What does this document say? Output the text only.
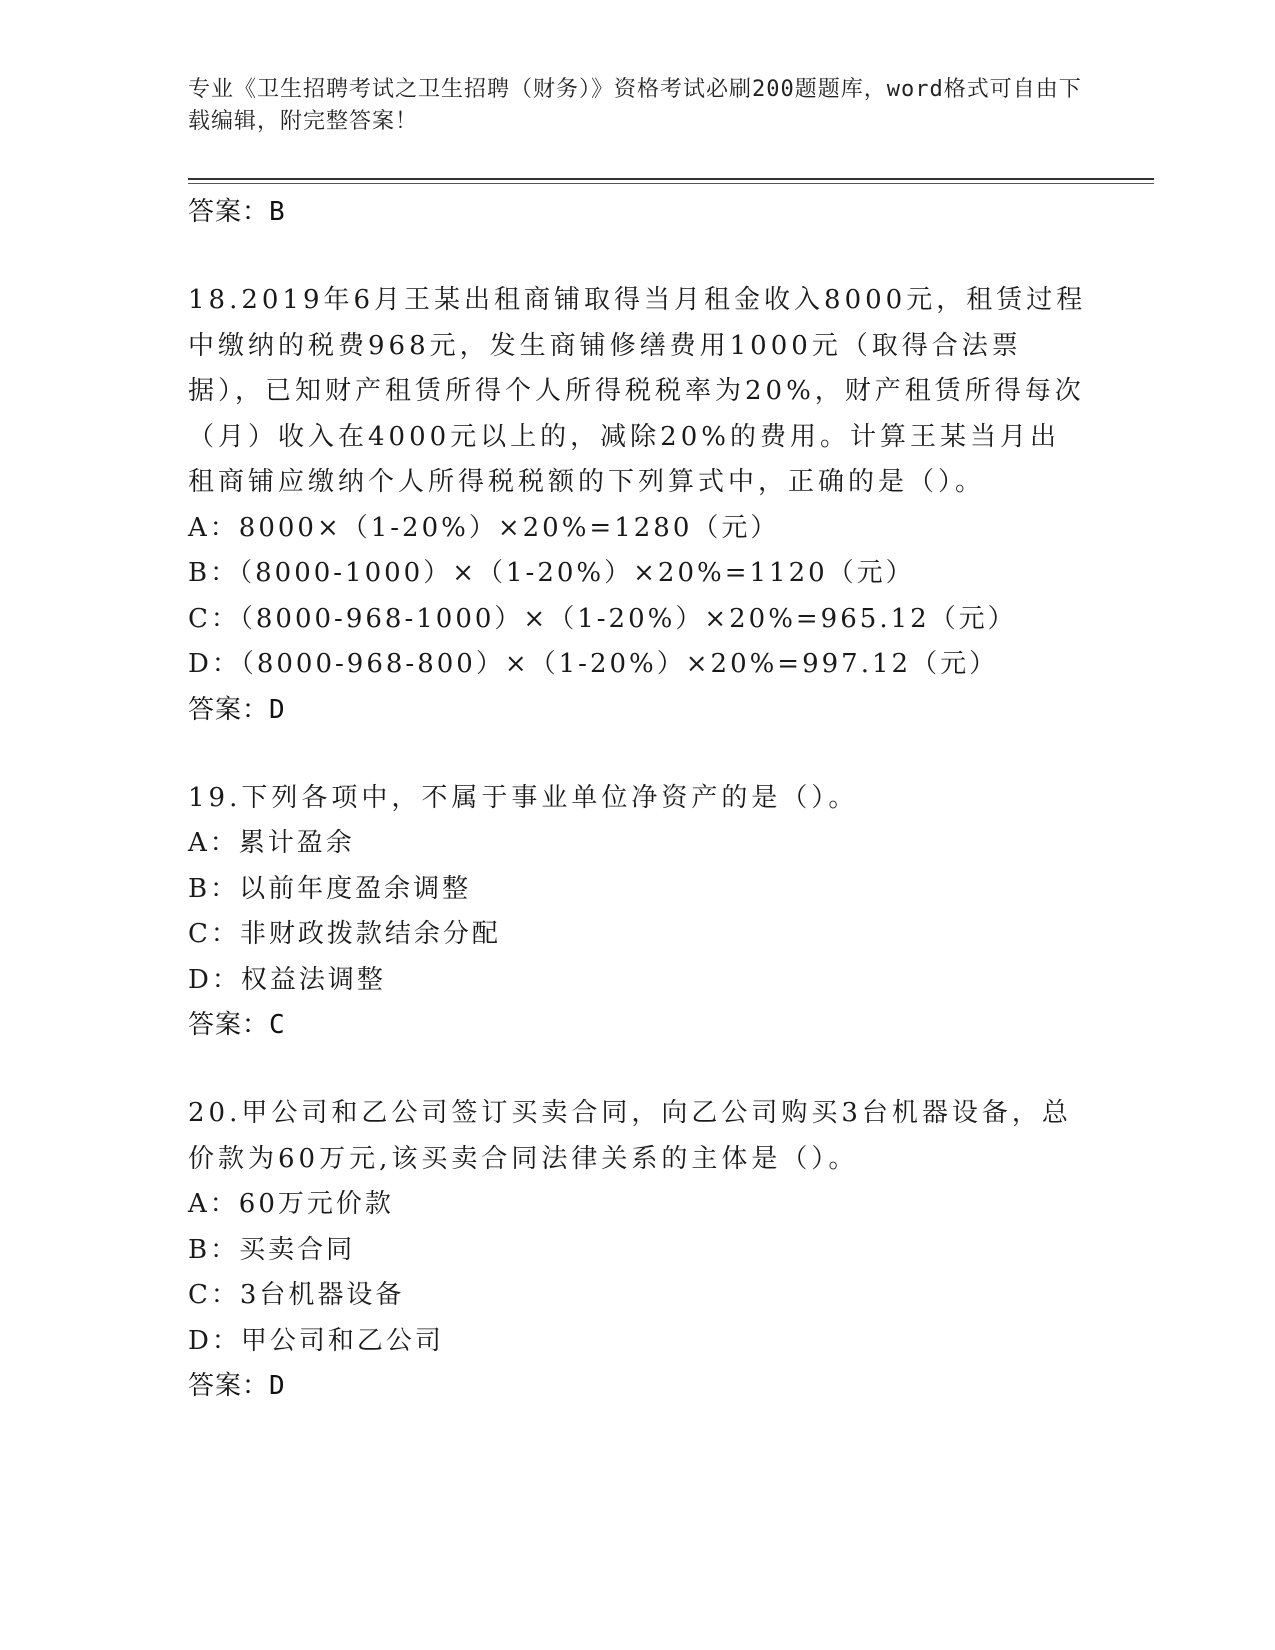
专业《卫生招聘考试之卫生招聘（财务）》资格考试必刷200题题库，word格式可自由下载编辑，附完整答案！
答案：B
18.2019年6月王某出租商铺取得当月租金收入8000元，租赁过程中缴纳的税费968元，发生商铺修缮费用1000元（取得合法票据），已知财产租赁所得个人所得税税率为20%，财产租赁所得每次（月）收入在4000元以上的，减除20%的费用。计算王某当月出租商铺应缴纳个人所得税税额的下列算式中，正确的是（）。
A：8000×（1-20%）×20%=1280（元）
B：（8000-1000）×（1-20%）×20%=1120（元）
C：（8000-968-1000）×（1-20%）×20%=965.12（元）
D：（8000-968-800）×（1-20%）×20%=997.12（元）
答案：D
19.下列各项中，不属于事业单位净资产的是（）。
A：累计盈余
B：以前年度盈余调整
C：非财政拨款结余分配
D：权益法调整
答案：C
20.甲公司和乙公司签订买卖合同，向乙公司购买3台机器设备，总价款为60万元,该买卖合同法律关系的主体是（）。
A：60万元价款
B：买卖合同
C：3台机器设备
D：甲公司和乙公司
答案：D
